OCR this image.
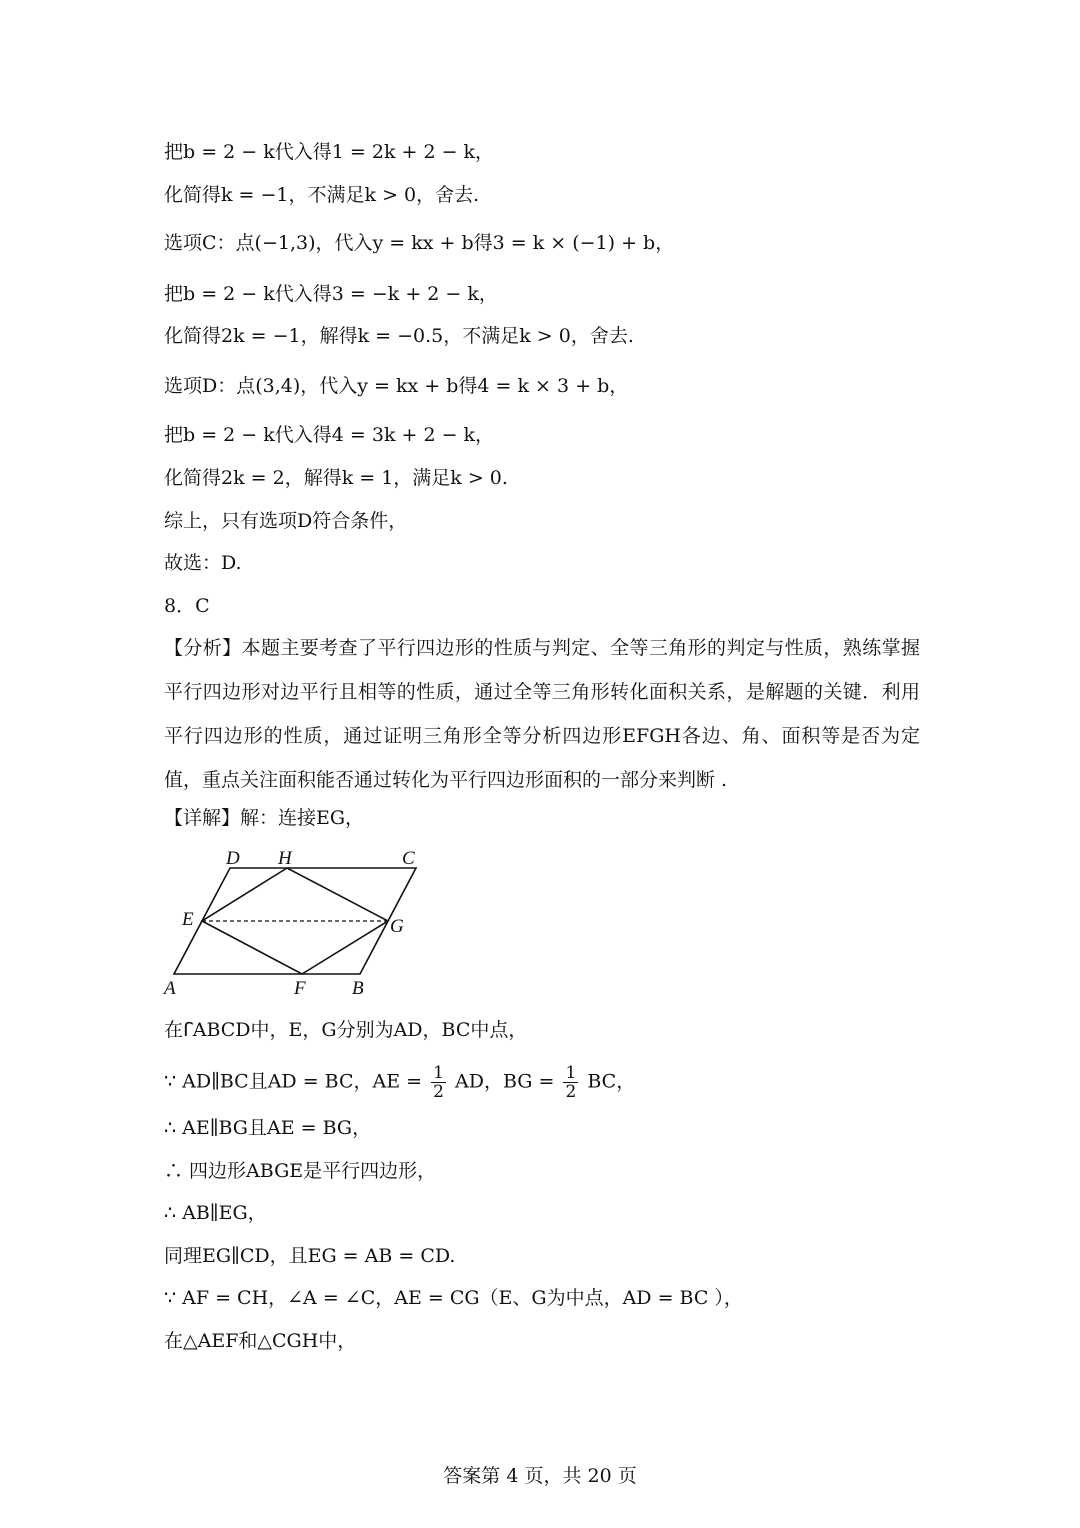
把b = 2 − k代入得1 = 2k + 2 − k，
化简得k = −1，不满足k > 0，舍去.
选项C：点(−1,3)，代入y = kx + b得3 = k × (−1) + b，
把b = 2 − k代入得3 = −k + 2 − k，
化简得2k = −1，解得k = −0.5，不满足k > 0，舍去.
选项D：点(3,4)，代入y = kx + b得4 = k × 3 + b，
把b = 2 − k代入得4 = 3k + 2 − k，
化简得2k = 2，解得k = 1，满足k > 0.
综上，只有选项D符合条件，
故选：D.
8．C
【分析】本题主要考查了平行四边形的性质与判定、全等三角形的判定与性质，熟练掌握平行四边形对边平行且相等的性质，通过全等三角形转化面积关系，是解题的关键．利用平行四边形的性质，通过证明三角形全等分析四边形EFGH各边、角、面积等是否为定值，重点关注面积能否通过转化为平行四边形面积的一部分来判断 .
【详解】解：连接EG，
D H	C
E	G
A	F B
在ꓩABCD中，E，G分别为AD，BC中点，
∵ AD∥BC且AD = BC，AE = $\frac{1}{2}$ AD，BG = $\frac{1}{2}$ BC，
∴ AE∥BG且AE = BG，
∴ 四边形ABGE是平行四边形，
∴ AB∥EG，
同理EG∥CD，且EG = AB = CD.
∵ AF = CH，∠A = ∠C，AE = CG（E、G为中点，AD = BC ），
在△AEF和△CGH中，
答案第 4 页，共 20 页
